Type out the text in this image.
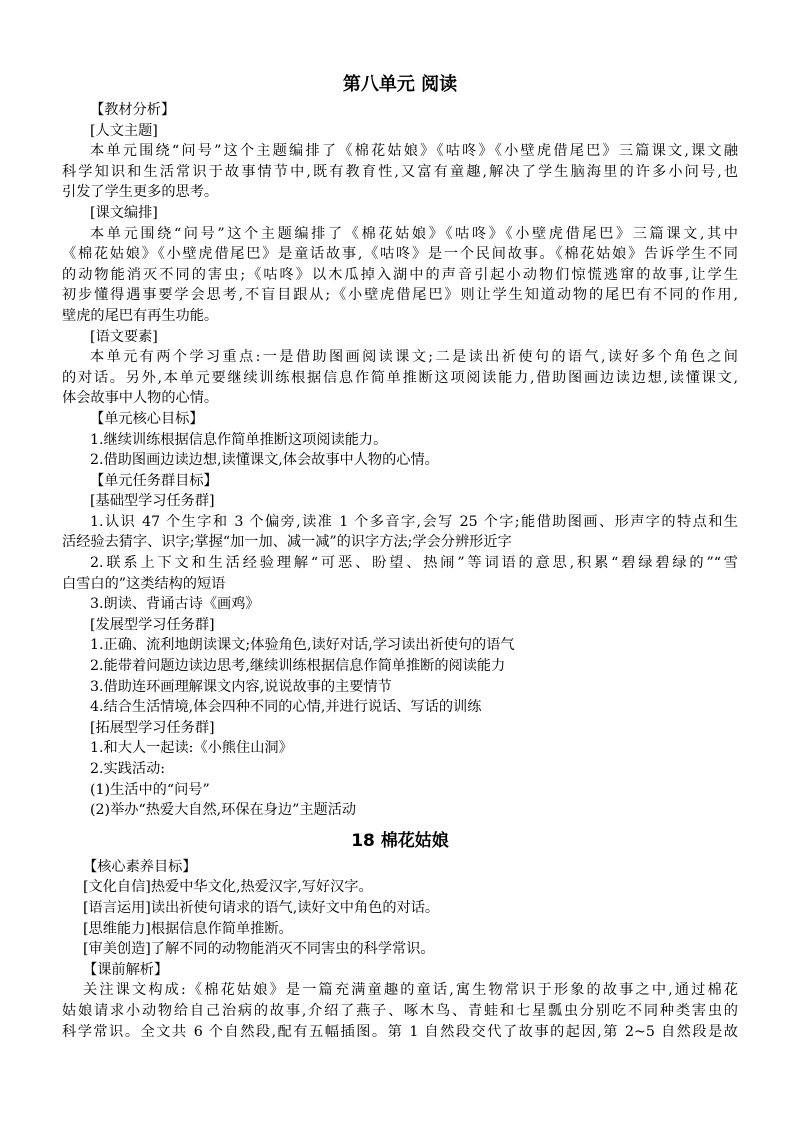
第八单元 阅读

【教材分析】

[人文主题]

本单元围绕“问号”这个主题编排了《棉花姑娘》《咕咚》《小壁虎借尾巴》三篇课文,课文融

科学知识和生活常识于故事情节中,既有教育性,又富有童趣,解决了学生脑海里的许多小问号,也

引发了学生更多的思考。

[课文编排]

本单元围绕“问号”这个主题编排了《棉花姑娘》《咕咚》《小壁虎借尾巴》三篇课文,其中

《棉花姑娘》《小壁虎借尾巴》是童话故事,《咕咚》是一个民间故事。《棉花姑娘》告诉学生不同

的动物能消灭不同的害虫;《咕咚》以木瓜掉入湖中的声音引起小动物们惊慌逃窜的故事,让学生

初步懂得遇事要学会思考,不盲目跟从;《小壁虎借尾巴》则让学生知道动物的尾巴有不同的作用,

壁虎的尾巴有再生功能。

[语文要素]

本单元有两个学习重点:一是借助图画阅读课文;二是读出祈使句的语气,读好多个角色之间

的对话。另外,本单元要继续训练根据信息作简单推断这项阅读能力,借助图画边读边想,读懂课文,

体会故事中人物的心情。

【单元核心目标】

1.继续训练根据信息作简单推断这项阅读能力。

2.借助图画边读边想,读懂课文,体会故事中人物的心情。

【单元任务群目标】

[基础型学习任务群]

1.认识 47 个生字和 3 个偏旁,读准 1 个多音字,会写 25 个字;能借助图画、形声字的特点和生

活经验去猜字、识字;掌握“加一加、减一减”的识字方法;学会分辨形近字

2.联系上下文和生活经验理解“可恶、盼望、热闹”等词语的意思,积累“碧绿碧绿的”“雪

白雪白的”这类结构的短语

3.朗读、背诵古诗《画鸡》

[发展型学习任务群]

1.正确、流利地朗读课文;体验角色,读好对话,学习读出祈使句的语气

2.能带着问题边读边思考,继续训练根据信息作简单推断的阅读能力

3.借助连环画理解课文内容,说说故事的主要情节

4.结合生活情境,体会四种不同的心情,并进行说话、写话的训练

[拓展型学习任务群]

1.和大人一起读:《小熊住山洞》

2.实践活动:

(1)生活中的“问号”

(2)举办“热爱大自然,环保在身边”主题活动

18 棉花姑娘

【核心素养目标】

[文化自信]热爱中华文化,热爱汉字,写好汉字。

[语言运用]读出祈使句请求的语气,读好文中角色的对话。

[思维能力]根据信息作简单推断。

[审美创造]了解不同的动物能消灭不同害虫的科学常识。

【课前解析】

关注课文构成:《棉花姑娘》是一篇充满童趣的童话,寓生物常识于形象的故事之中,通过棉花

姑娘请求小动物给自己治病的故事,介绍了燕子、啄木鸟、青蛙和七星瓢虫分别吃不同种类害虫的

科学常识。全文共 6 个自然段,配有五幅插图。第 1 自然段交代了故事的起因,第 2~5 自然段是故
